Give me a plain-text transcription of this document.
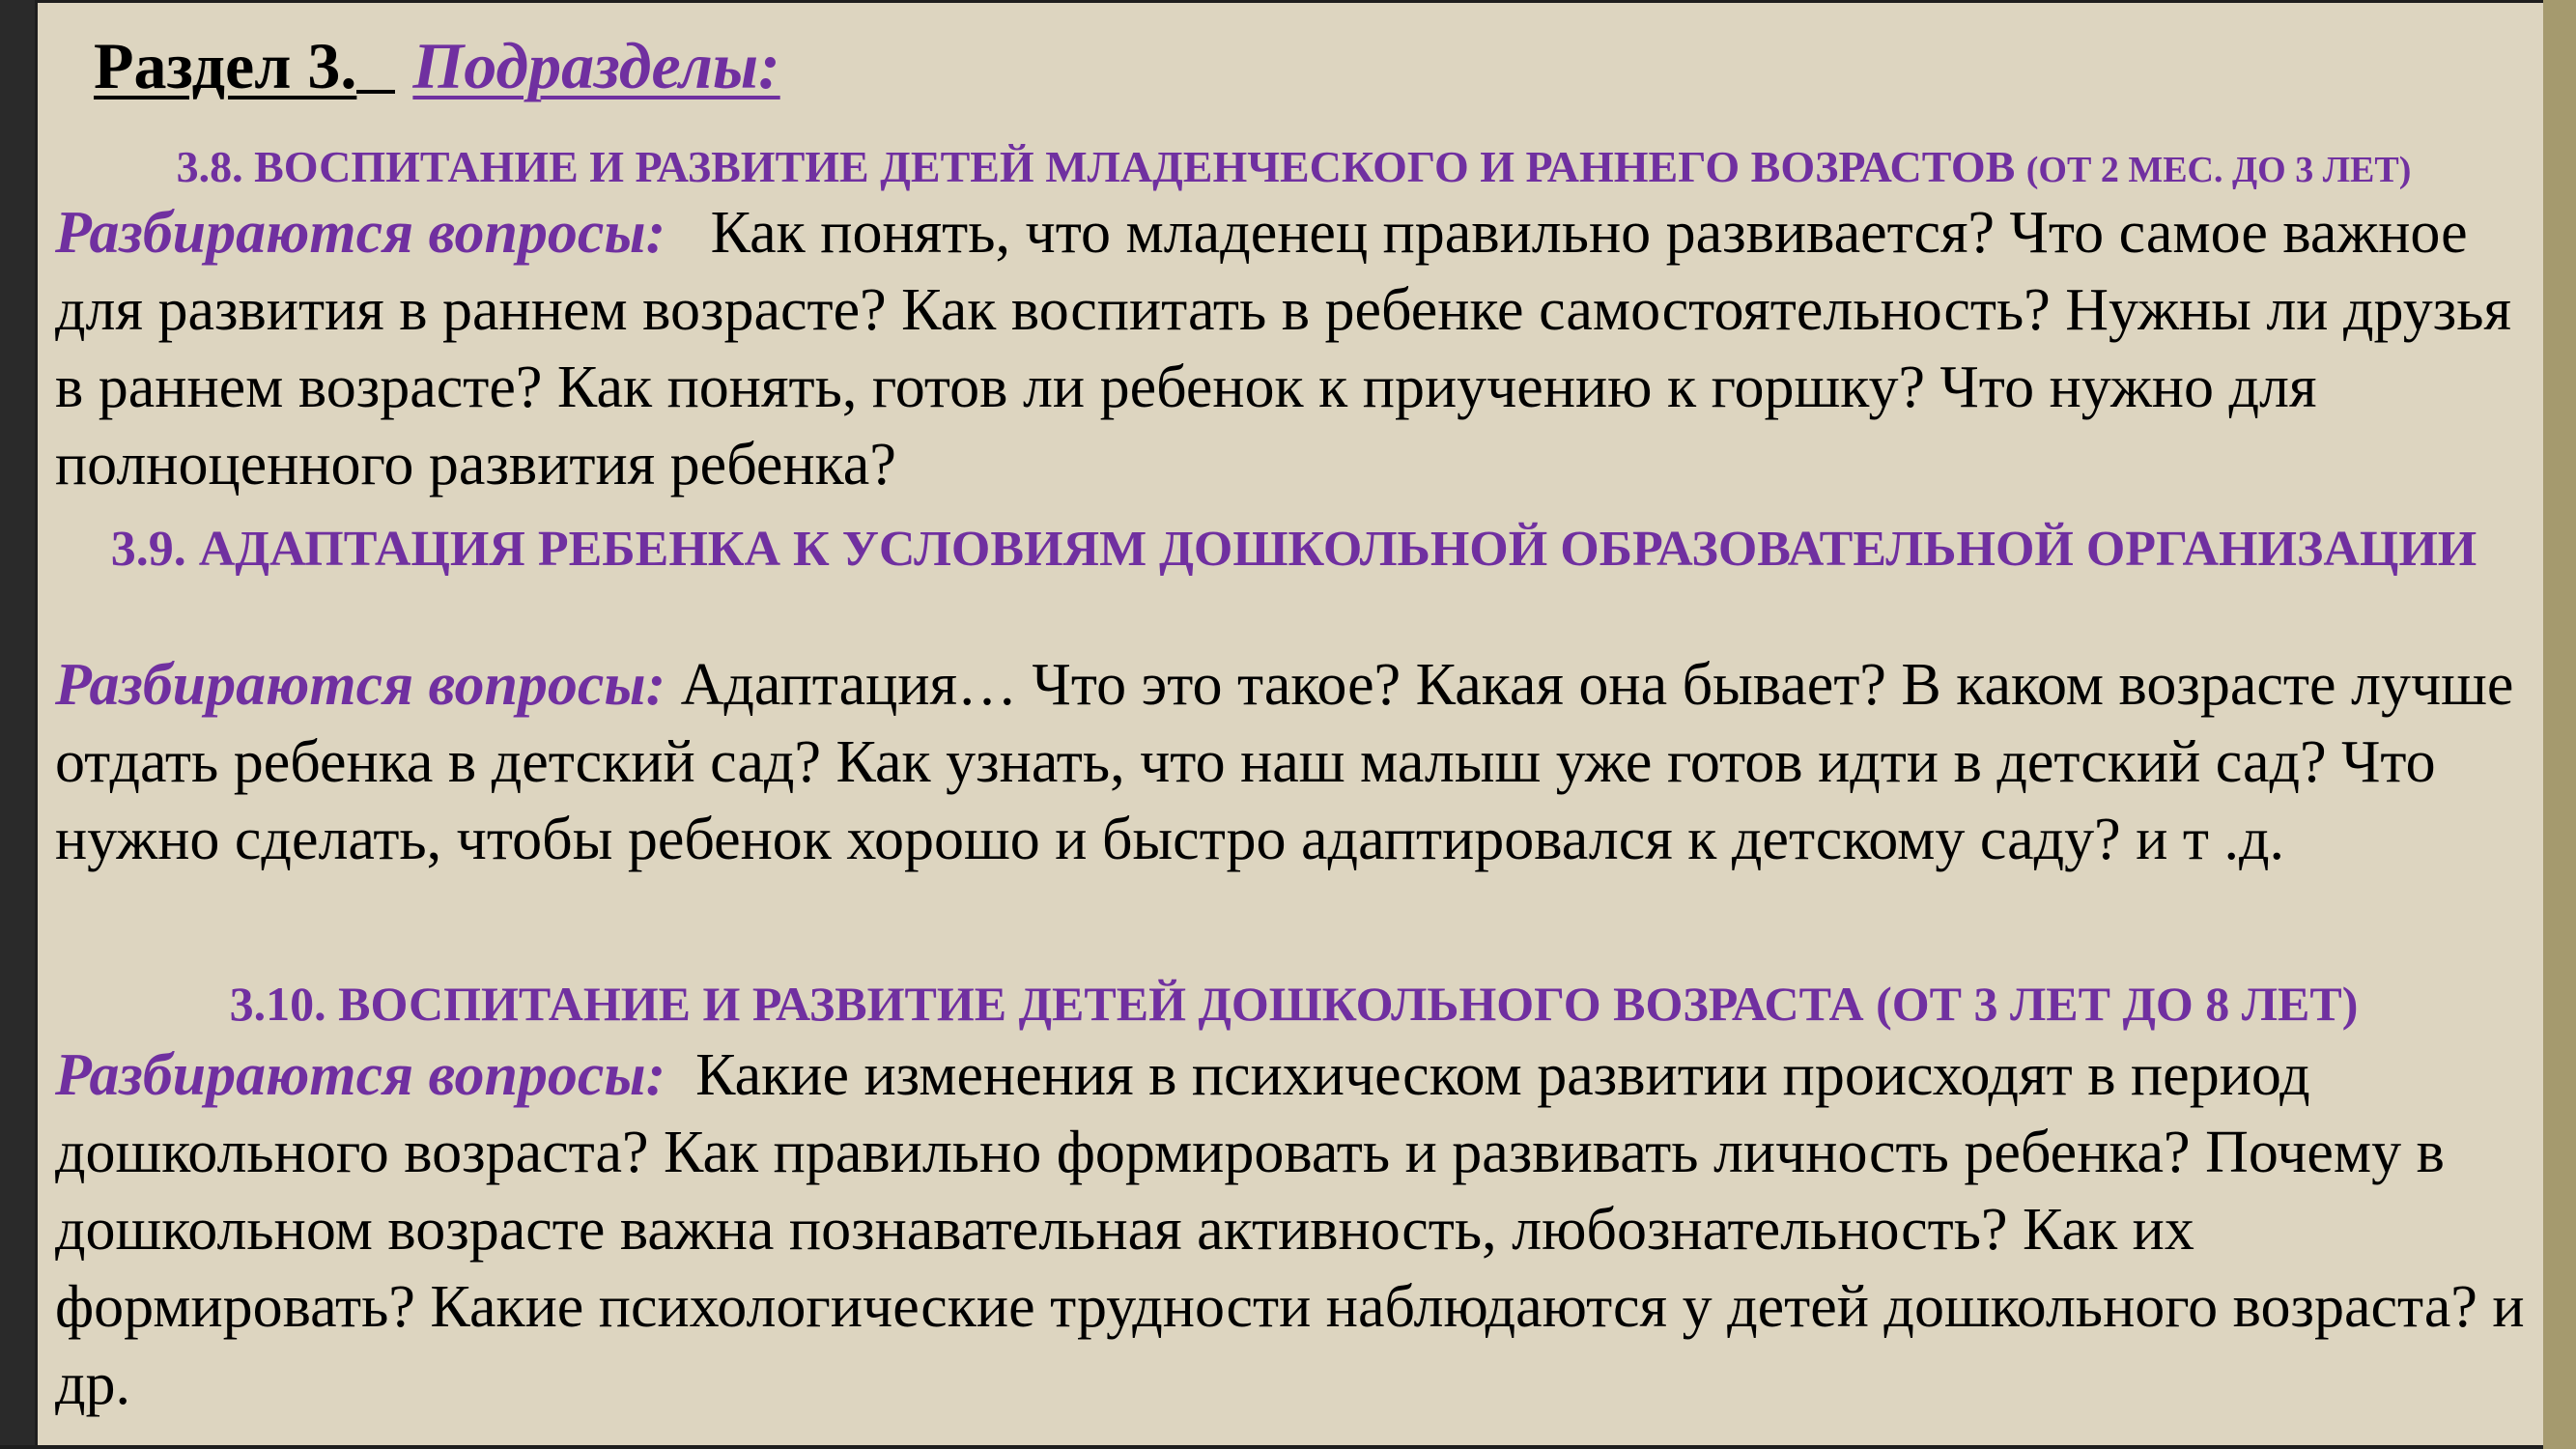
Раздел 3. Подразделы:
3.8. ВОСПИТАНИЕ И РАЗВИТИЕ ДЕТЕЙ МЛАДЕНЧЕСКОГО И РАННЕГО ВОЗРАСТОВ (ОТ 2 МЕС. ДО 3 ЛЕТ)
Разбираются вопросы: Как понять, что младенец правильно развивается? Что самое важное для развития в раннем возрасте? Как воспитать в ребенке самостоятельность? Нужны ли друзья в раннем возрасте? Как понять, готов ли ребенок к приучению к горшку? Что нужно для полноценного развития ребенка?
3.9. АДАПТАЦИЯ РЕБЕНКА К УСЛОВИЯМ ДОШКОЛЬНОЙ ОБРАЗОВАТЕЛЬНОЙ ОРГАНИЗАЦИИ
Разбираются вопросы: Адаптация… Что это такое? Какая она бывает? В каком возрасте лучше отдать ребенка в детский сад? Как узнать, что наш малыш уже готов идти в детский сад? Что нужно сделать, чтобы ребенок хорошо и быстро адаптировался к детскому саду? и т .д.
3.10. ВОСПИТАНИЕ И РАЗВИТИЕ ДЕТЕЙ ДОШКОЛЬНОГО ВОЗРАСТА (ОТ 3 ЛЕТ ДО 8 ЛЕТ)
Разбираются вопросы: Какие изменения в психическом развитии происходят в период дошкольного возраста? Как правильно формировать и развивать личность ребенка? Почему в дошкольном возрасте важна познавательная активность, любознательность? Как их формировать? Какие психологические трудности наблюдаются у детей дошкольного возраста? и др.
